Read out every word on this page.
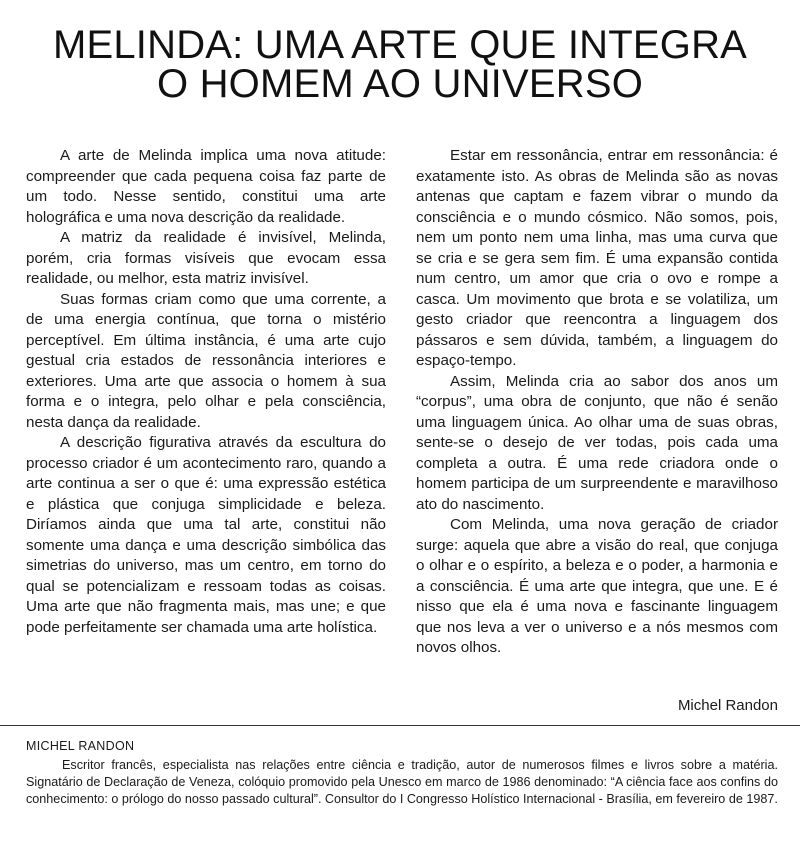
MELINDA: UMA ARTE QUE INTEGRA
O HOMEM AO UNIVERSO

A arte de Melinda implica uma nova atitude: compreender que cada pequena coisa faz parte de um todo. Nesse sentido, constitui uma arte holográfica e uma nova descrição da realidade.

A matriz da realidade é invisível, Melinda, porém, cria formas visíveis que evocam essa realidade, ou melhor, esta matriz invisível.

Suas formas criam como que uma corrente, a de uma energia contínua, que torna o mistério perceptível. Em última instância, é uma arte cujo gestual cria estados de ressonância interiores e exteriores. Uma arte que associa o homem à sua forma e o integra, pelo olhar e pela consciência, nesta dança da realidade.

A descrição figurativa através da escultura do processo criador é um acontecimento raro, quando a arte continua a ser o que é: uma expressão estética e plástica que conjuga simplicidade e beleza. Diríamos ainda que uma tal arte, constitui não somente uma dança e uma descrição simbólica das simetrias do universo, mas um centro, em torno do qual se potencializam e ressoam todas as coisas. Uma arte que não fragmenta mais, mas une; e que pode perfeitamente ser chamada uma arte holística.

Estar em ressonância, entrar em ressonância: é exatamente isto. As obras de Melinda são as novas antenas que captam e fazem vibrar o mundo da consciência e o mundo cósmico. Não somos, pois, nem um ponto nem uma linha, mas uma curva que se cria e se gera sem fim. É uma expansão contida num centro, um amor que cria o ovo e rompe a casca. Um movimento que brota e se volatiliza, um gesto criador que reencontra a linguagem dos pássaros e sem dúvida, também, a linguagem do espaço-tempo.

Assim, Melinda cria ao sabor dos anos um “corpus”, uma obra de conjunto, que não é senão uma linguagem única. Ao olhar uma de suas obras, sente-se o desejo de ver todas, pois cada uma completa a outra. É uma rede criadora onde o homem participa de um surpreendente e maravilhoso ato do nascimento.

Com Melinda, uma nova geração de criador surge: aquela que abre a visão do real, que conjuga o olhar e o espírito, a beleza e o poder, a harmonia e a consciência. É uma arte que integra, que une. E é nisso que ela é uma nova e fascinante linguagem que nos leva a ver o universo e a nós mesmos com novos olhos.

Michel Randon

MICHEL RANDON

Escritor francês, especialista nas relações entre ciência e tradição, autor de numerosos filmes e livros sobre a matéria. Signatário de Declaração de Veneza, colóquio promovido pela Unesco em marco de 1986 denominado: “A ciência face aos confins do conhecimento: o prólogo do nosso passado cultural”. Consultor do I Congresso Holístico Internacional - Brasília, em fevereiro de 1987.
